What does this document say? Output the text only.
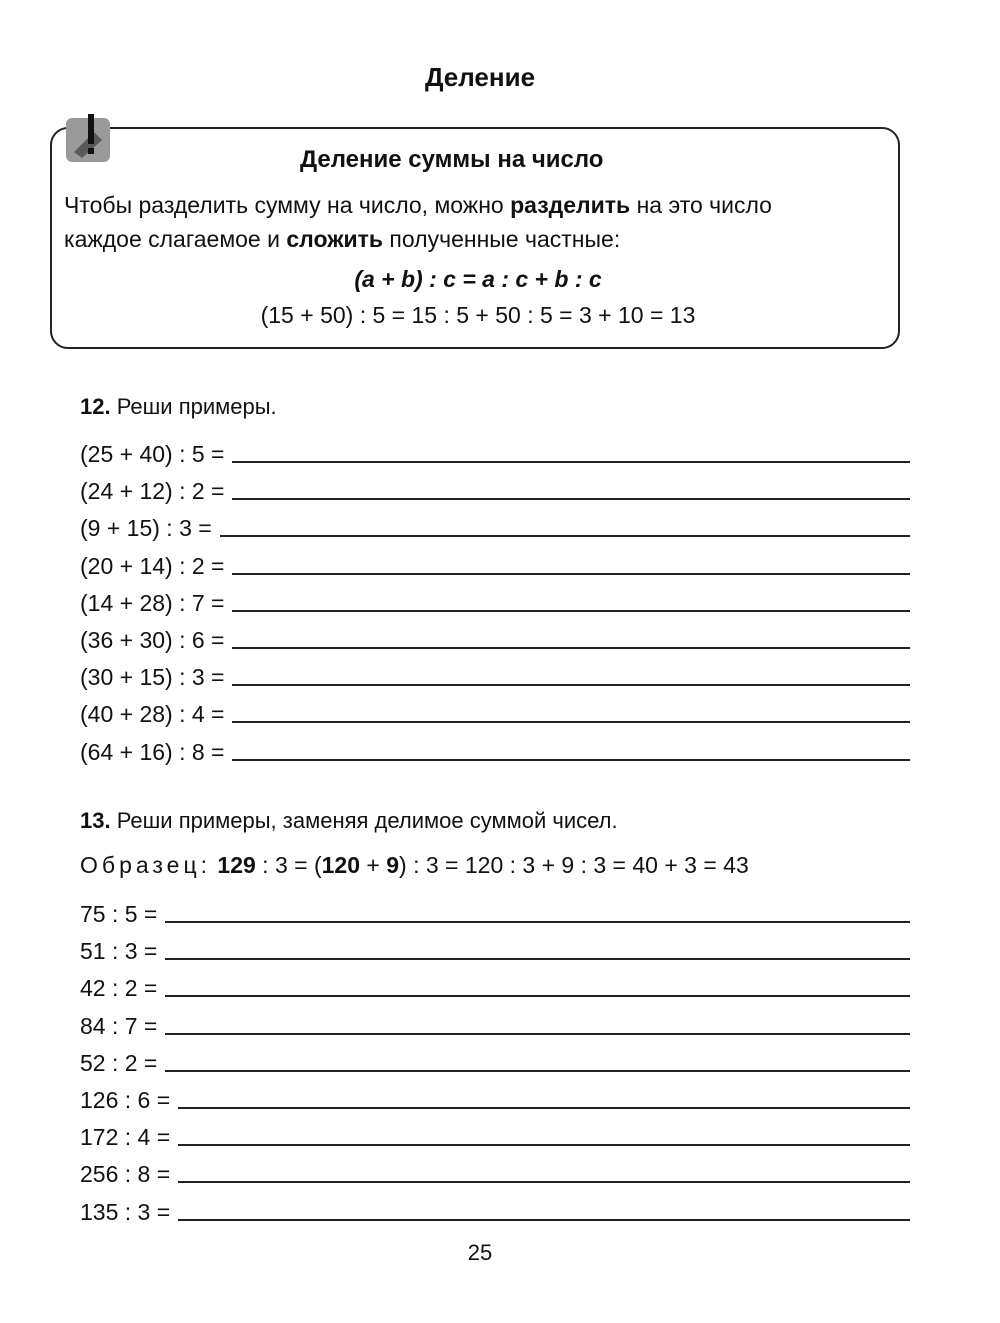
Деление
Деление суммы на число
Чтобы разделить сумму на число, можно разделить на это число
каждое слагаемое и сложить полученные частные:
(a + b) : c = a : c + b : c
(15 + 50) : 5 = 15 : 5 + 50 : 5 = 3 + 10 = 13
12. Реши примеры.
(25 + 40) : 5 =
(24 + 12) : 2 =
(9 + 15) : 3 =
(20 + 14) : 2 =
(14 + 28) : 7 =
(36 + 30) : 6 =
(30 + 15) : 3 =
(40 + 28) : 4 =
(64 + 16) : 8 =
13. Реши примеры, заменяя делимое суммой чисел.
Образец: 129 : 3 = (120 + 9) : 3 = 120 : 3 + 9 : 3 = 40 + 3 = 43
75 : 5 =
51 : 3 =
42 : 2 =
84 : 7 =
52 : 2 =
126 : 6 =
172 : 4 =
256 : 8 =
135 : 3 =
25
